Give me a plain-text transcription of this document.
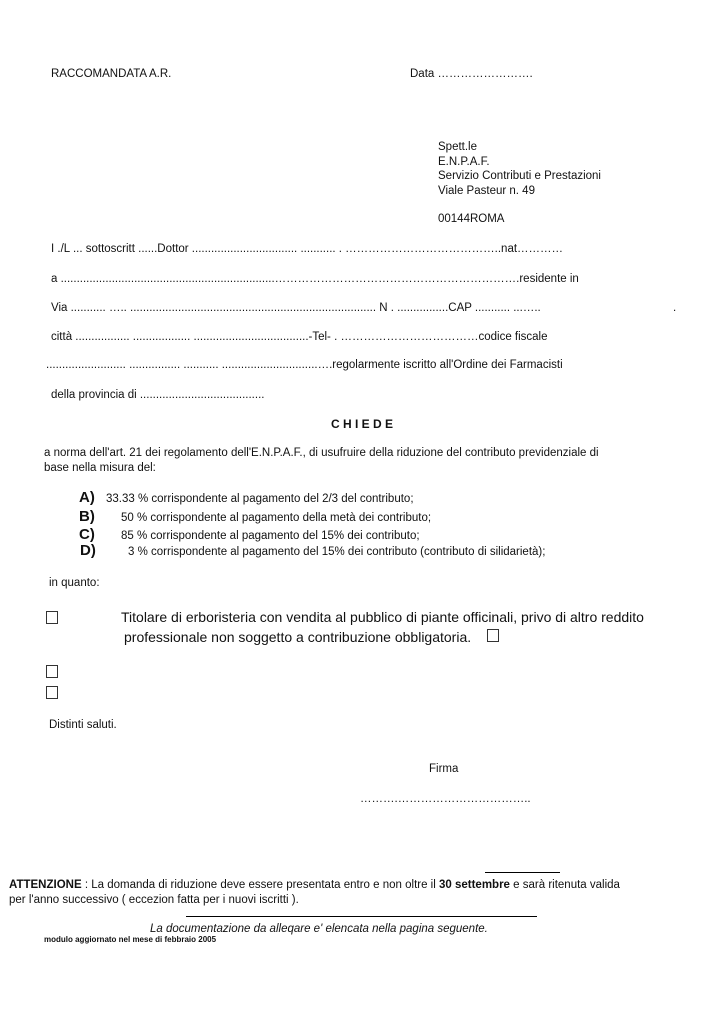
RACCOMANDATA A.R.	Data …………………….
Spett.le
E.N.P.A.F.
Servizio Contributi e Prestazioni
Viale Pasteur n. 49
00144ROMA
I ./L ... sottoscritt ......Dottor ................................. ........... . …………………………………..nat…………
a ...................................................................……………………………………………………….residente in
Via ........... ….. ............................................................................. N . ................CAP ........... ...…..	.
città ................. .................. ....................................-Tel- . ………………………………codice fiscale
......................... ................ ........... ..............................….regolarmente iscritto all'Ordine dei Farmacisti
della provincia di .......................................
C H I E D E
a norma dell'art. 21 dei regolamento dell'E.N.P.A.F., di usufruire della riduzione del contributo previdenziale di
base nella misura del:
A) 33.33 % corrispondente al pagamento del 2/3 del contributo;
B) 50 % corrispondente al pagamento della metà dei contributo;
C) 85 % corrispondente al pagamento del 15% dei contributo;
D)	3 % corrispondente al pagamento del 15% dei contributo (contributo di silidarietà);
in quanto:
Titolare di erboristeria con vendita al pubblico di piante officinali, privo di altro reddito
professionale non soggetto a contribuzione obbligatoria.
Distinti saluti.
Firma
……….……………………………..
ATTENZIONE : La domanda di riduzione deve essere presentata entro e non oltre il 30 settembre e sarà ritenuta valida
per l'anno successivo ( eccezion fatta per i nuovi iscritti ).
La documentazione da alleqare e' elencata nella pagina seguente.
modulo aggiornato nel mese di febbraio 2005
